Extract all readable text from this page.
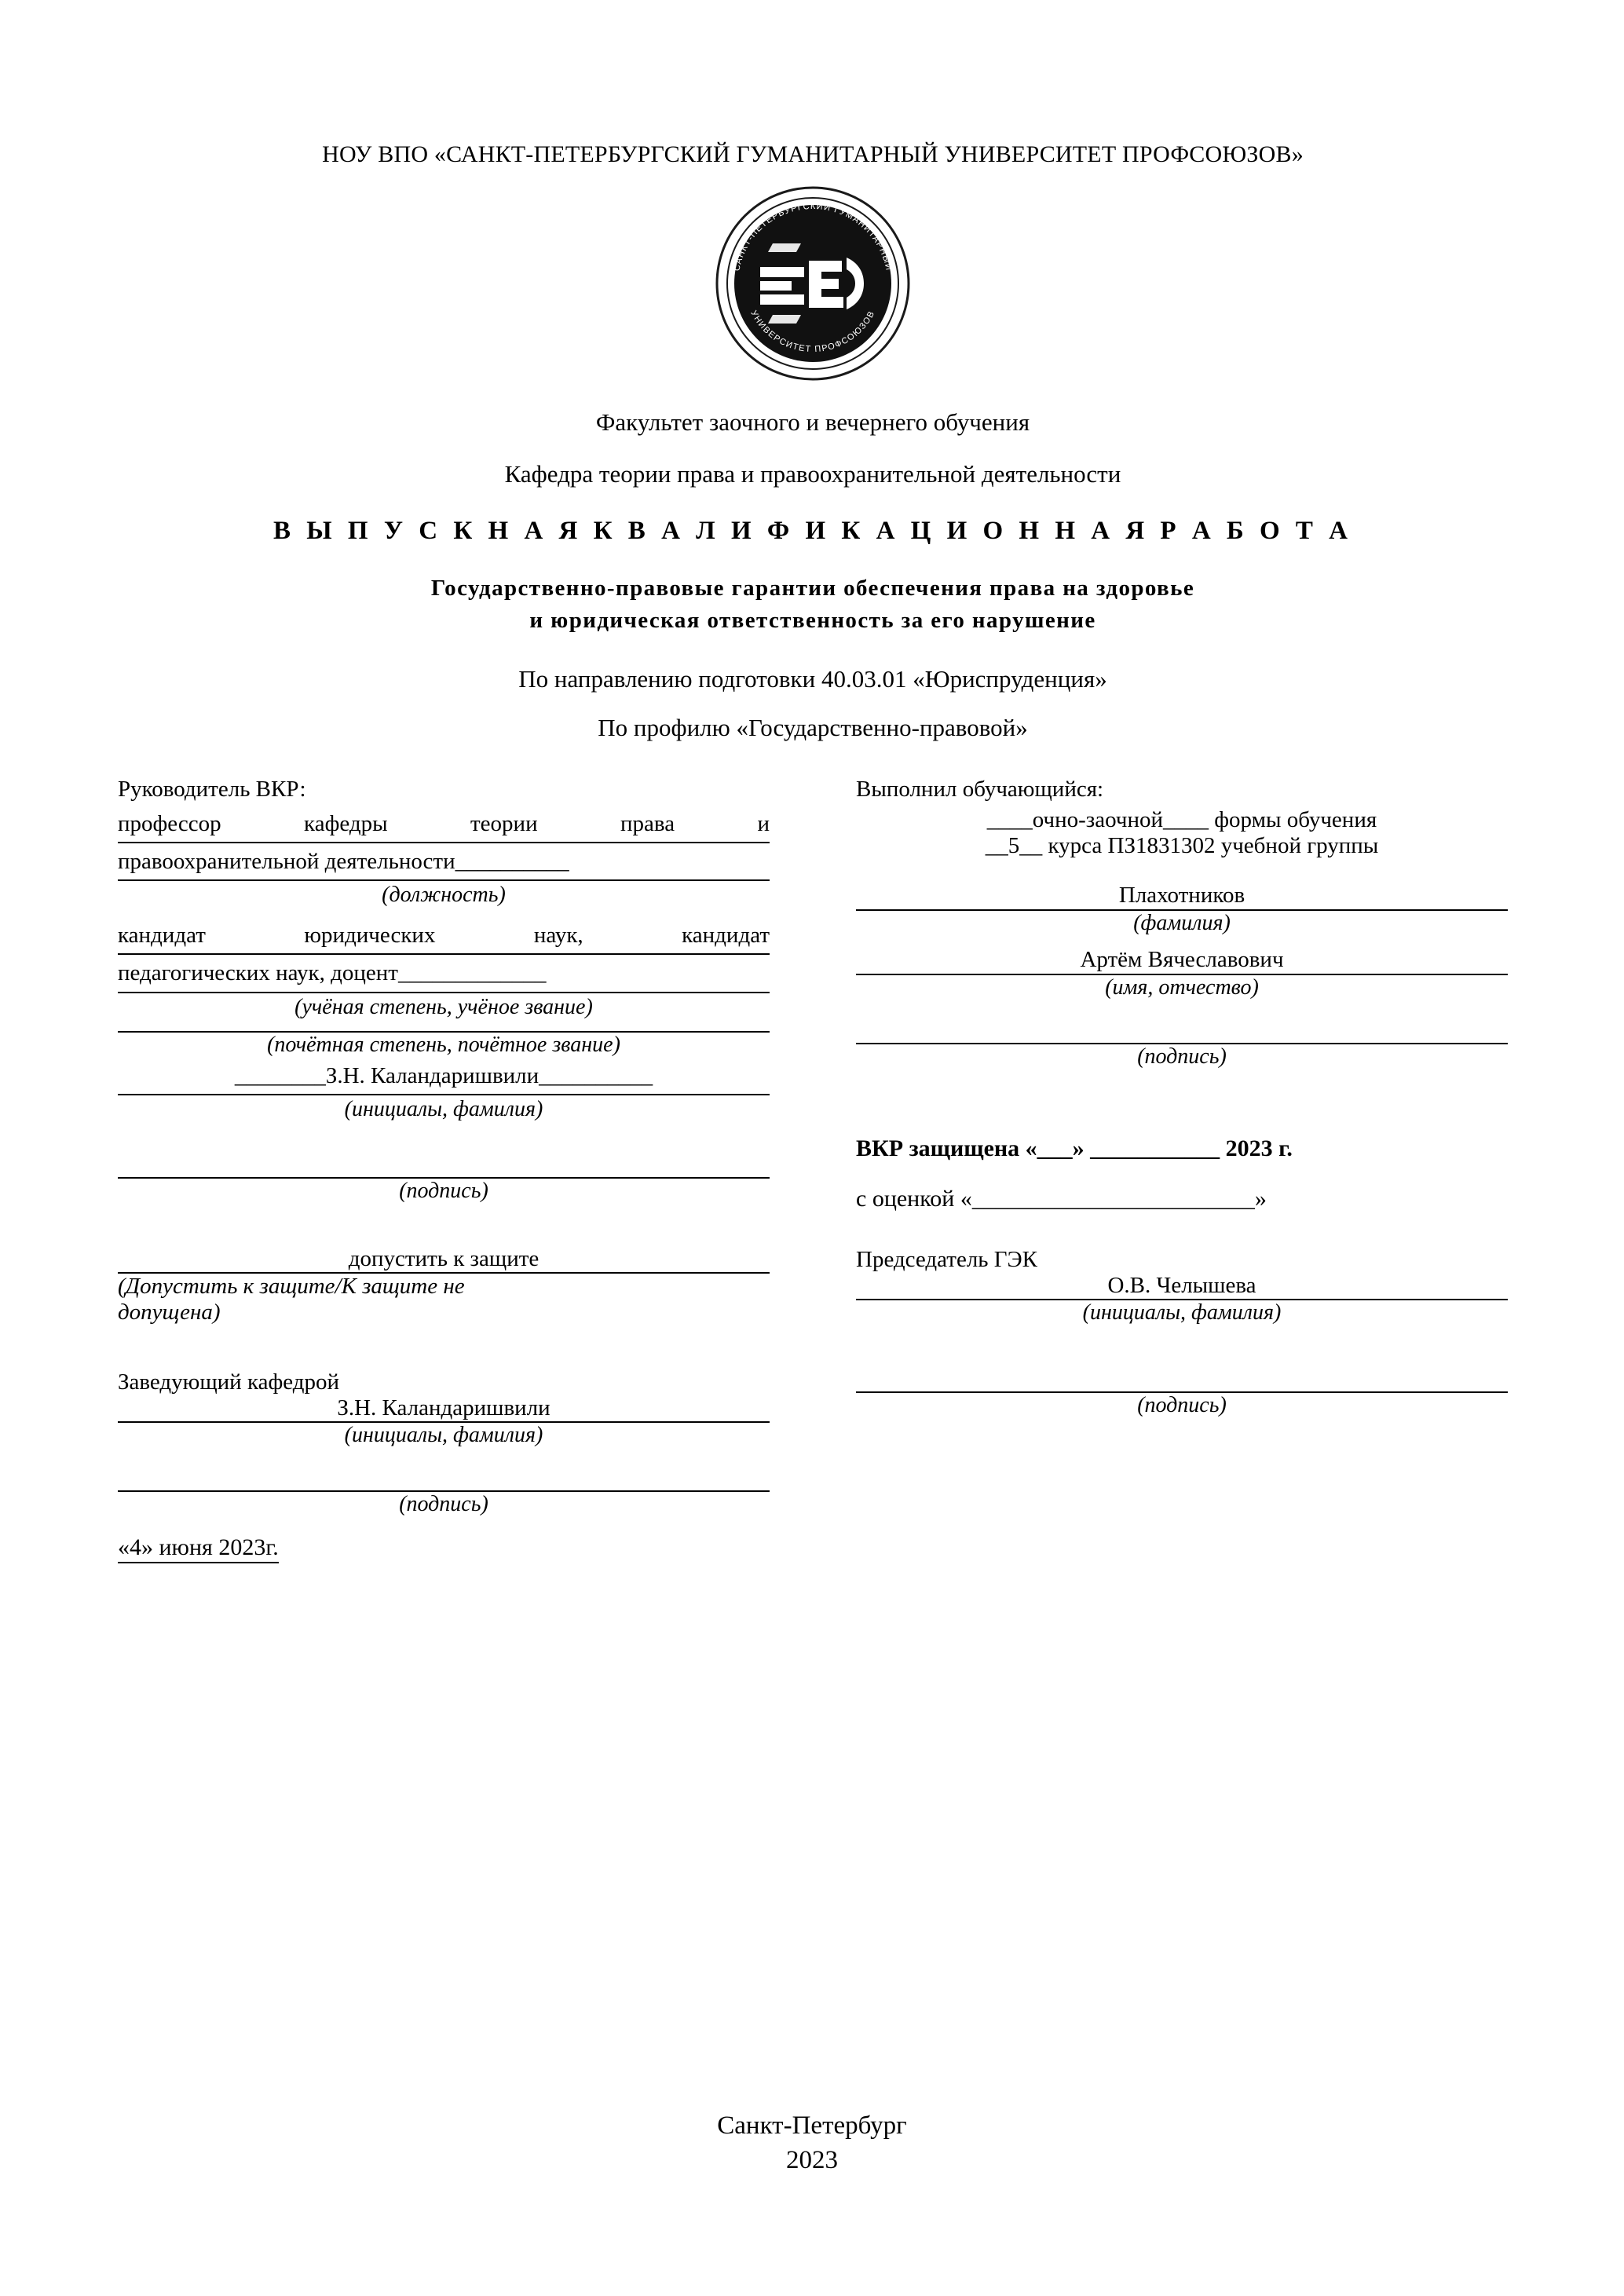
НОУ ВПО «САНКТ-ПЕТЕРБУРГСКИЙ ГУМАНИТАРНЫЙ УНИВЕРСИТЕТ ПРОФСОЮЗОВ»
САНКТ-ПЕТЕРБУРГСКИЙ ГУМАНИТАРНЫЙ
УНИВЕРСИТЕТ ПРОФСОЮЗОВ
Факультет заочного и вечернего обучения
Кафедра теории права и правоохранительной деятельности
В Ы П У С К Н А Я К В А Л И Ф И К А Ц И О Н Н А Я Р А Б О Т А
Государственно-правовые гарантии обеспечения права на здоровье
и юридическая ответственность за его нарушение
По направлению подготовки 40.03.01 «Юриспруденция»
По профилю «Государственно-правовой»
Руководитель ВКР:
профессор кафедры теории права и
правоохранительной деятельности__________
(должность)
кандидат юридических наук, кандидат
педагогических наук, доцент_____________
(учёная степень, учёное звание)
(почётная степень, почётное звание)
________З.Н. Каландаришвили__________
(инициалы, фамилия)
(подпись)
допустить к защите
(Допустить к защите/К защите не
допущена)
Заведующий кафедрой
З.Н. Каландаришвили
(инициалы, фамилия)
(подпись)
«4» июня 2023г.
Выполнил обучающийся:
____очно-заочной____ формы обучения
__5__ курса ПЗ1831302 учебной группы
Плахотников
(фамилия)
Артём Вячеславович
(имя, отчество)
(подпись)
ВКР защищена «___» ___________ 2023 г.
с оценкой «________________________»
Председатель ГЭК
О.В. Челышева
(инициалы, фамилия)
(подпись)
Санкт-Петербург
2023
